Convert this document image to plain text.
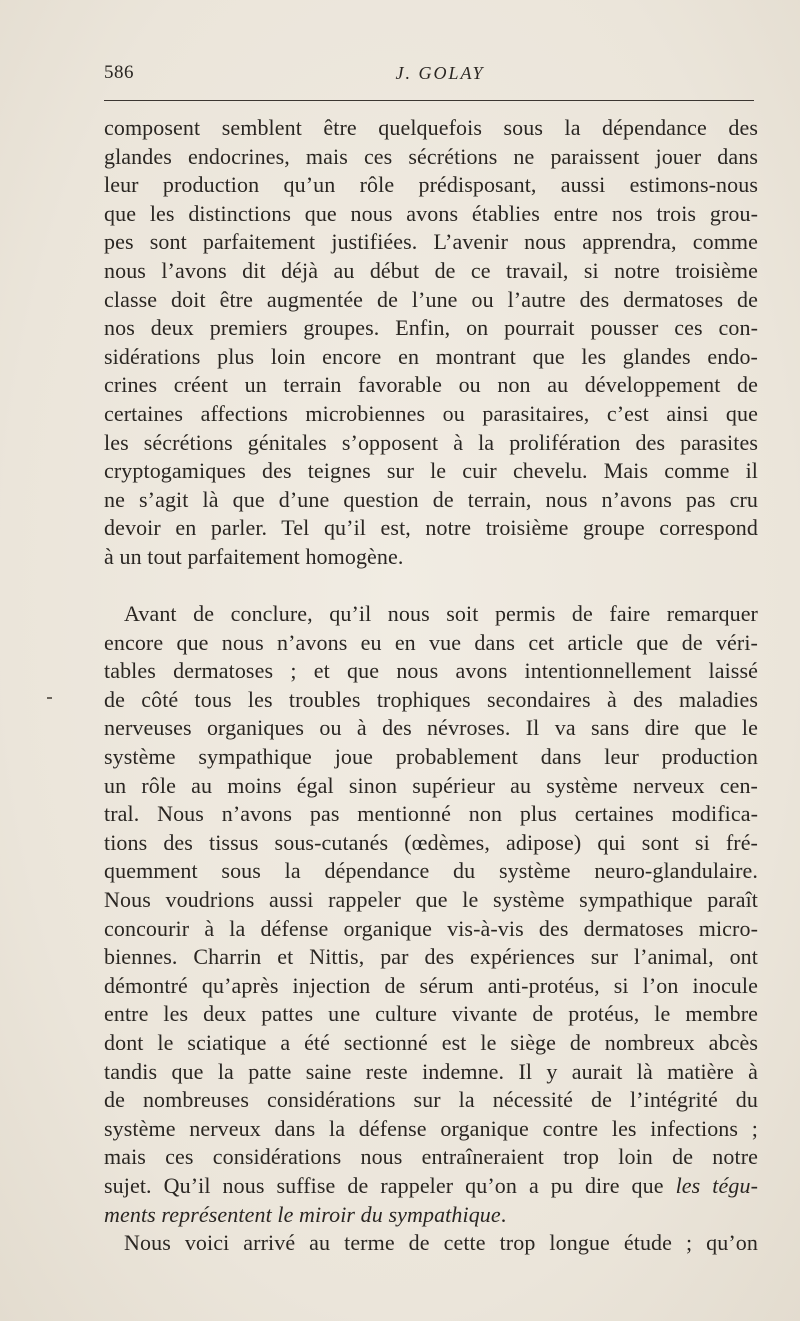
586	J. GOLAY
composent semblent être quelquefois sous la dépendance des
glandes endocrines, mais ces sécrétions ne paraissent jouer dans
leur production qu’un rôle prédisposant, aussi estimons-nous
que les distinctions que nous avons établies entre nos trois grou-
pes sont parfaitement justifiées. L’avenir nous apprendra, comme
nous l’avons dit déjà au début de ce travail, si notre troisième
classe doit être augmentée de l’une ou l’autre des dermatoses de
nos deux premiers groupes. Enfin, on pourrait pousser ces con-
sidérations plus loin encore en montrant que les glandes endo-
crines créent un terrain favorable ou non au développement de
certaines affections microbiennes ou parasitaires, c’est ainsi que
les sécrétions génitales s’opposent à la prolifération des parasites
cryptogamiques des teignes sur le cuir chevelu. Mais comme il
ne s’agit là que d’une question de terrain, nous n’avons pas cru
devoir en parler. Tel qu’il est, notre troisième groupe correspond
à un tout parfaitement homogène.
Avant de conclure, qu’il nous soit permis de faire remarquer
encore que nous n’avons eu en vue dans cet article que de véri-
tables dermatoses ; et que nous avons intentionnellement laissé
de côté tous les troubles trophiques secondaires à des maladies
nerveuses organiques ou à des névroses. Il va sans dire que le
système sympathique joue probablement dans leur production
un rôle au moins égal sinon supérieur au système nerveux cen-
tral. Nous n’avons pas mentionné non plus certaines modifica-
tions des tissus sous-cutanés (œdèmes, adipose) qui sont si fré-
quemment sous la dépendance du système neuro-glandulaire.
Nous voudrions aussi rappeler que le système sympathique paraît
concourir à la défense organique vis-à-vis des dermatoses micro-
biennes. Charrin et Nittis, par des expériences sur l’animal, ont
démontré qu’après injection de sérum anti-protéus, si l’on inocule
entre les deux pattes une culture vivante de protéus, le membre
dont le sciatique a été sectionné est le siège de nombreux abcès
tandis que la patte saine reste indemne. Il y aurait là matière à
de nombreuses considérations sur la nécessité de l’intégrité du
système nerveux dans la défense organique contre les infections ;
mais ces considérations nous entraîneraient trop loin de notre
sujet. Qu’il nous suffise de rappeler qu’on a pu dire que les tégu-
ments représentent le miroir du sympathique.
Nous voici arrivé au terme de cette trop longue étude ; qu’on
